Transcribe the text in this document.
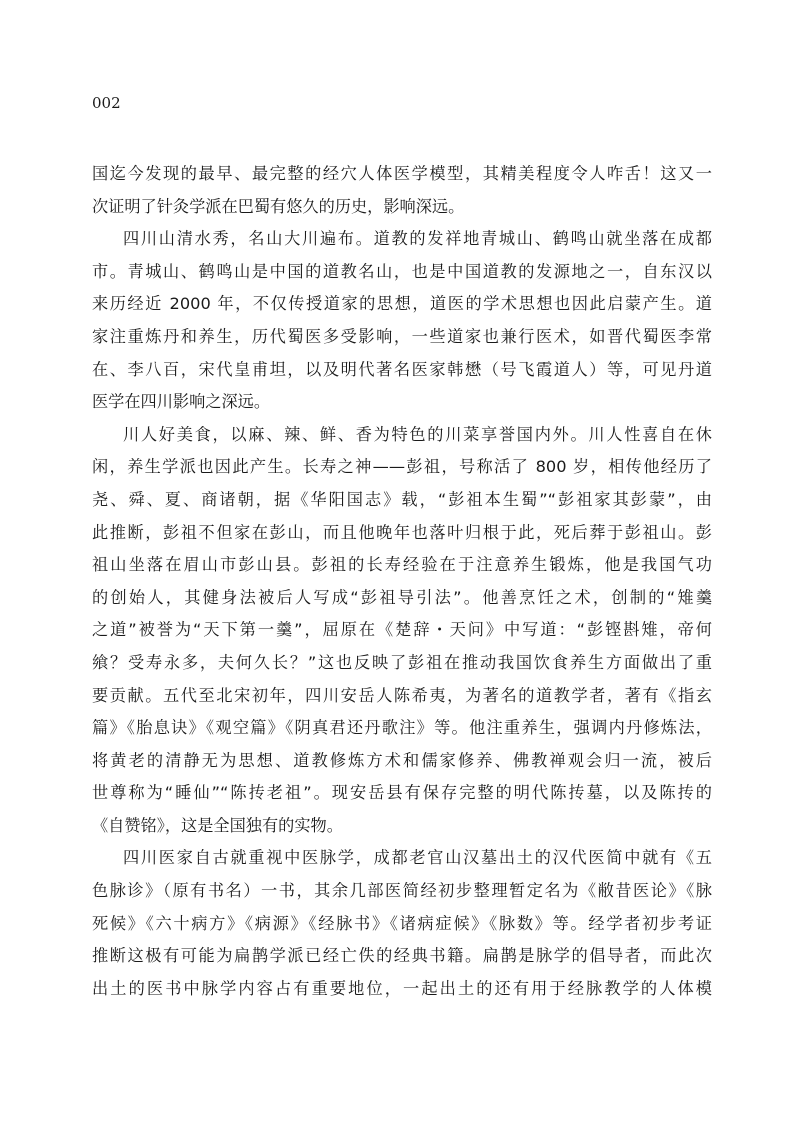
002
国迄今发现的最早、最完整的经穴人体医学模型，其精美程度令人咋舌！这又一
次证明了针灸学派在巴蜀有悠久的历史，影响深远。
四川山清水秀，名山大川遍布。道教的发祥地青城山、鹤鸣山就坐落在成都
市。青城山、鹤鸣山是中国的道教名山，也是中国道教的发源地之一，自东汉以
来历经近 2000 年，不仅传授道家的思想，道医的学术思想也因此启蒙产生。道
家注重炼丹和养生，历代蜀医多受影响，一些道家也兼行医术，如晋代蜀医李常
在、李八百，宋代皇甫坦，以及明代著名医家韩懋（号飞霞道人）等，可见丹道
医学在四川影响之深远。
川人好美食，以麻、辣、鲜、香为特色的川菜享誉国内外。川人性喜自在休
闲，养生学派也因此产生。长寿之神——彭祖，号称活了 800 岁，相传他经历了
尧、舜、夏、商诸朝，据《华阳国志》载，“彭祖本生蜀”“彭祖家其彭蒙”，由
此推断，彭祖不但家在彭山，而且他晚年也落叶归根于此，死后葬于彭祖山。彭
祖山坐落在眉山市彭山县。彭祖的长寿经验在于注意养生锻炼，他是我国气功
的创始人，其健身法被后人写成“彭祖导引法”。他善烹饪之术，创制的“雉羹
之道”被誉为“天下第一羹”，屈原在《楚辞・天问》中写道：“彭铿斟雉，帝何
飨？受寿永多，夫何久长？”这也反映了彭祖在推动我国饮食养生方面做出了重
要贡献。五代至北宋初年，四川安岳人陈希夷，为著名的道教学者，著有《指玄
篇》《胎息诀》《观空篇》《阴真君还丹歌注》等。他注重养生，强调内丹修炼法，
将黄老的清静无为思想、道教修炼方术和儒家修养、佛教禅观会归一流，被后
世尊称为“睡仙”“陈抟老祖”。现安岳县有保存完整的明代陈抟墓，以及陈抟的
《自赞铭》，这是全国独有的实物。
四川医家自古就重视中医脉学，成都老官山汉墓出土的汉代医简中就有《五
色脉诊》（原有书名）一书，其余几部医简经初步整理暂定名为《敝昔医论》《脉
死候》《六十病方》《病源》《经脉书》《诸病症候》《脉数》等。经学者初步考证
推断这极有可能为扁鹊学派已经亡佚的经典书籍。扁鹊是脉学的倡导者，而此次
出土的医书中脉学内容占有重要地位，一起出土的还有用于经脉教学的人体模
